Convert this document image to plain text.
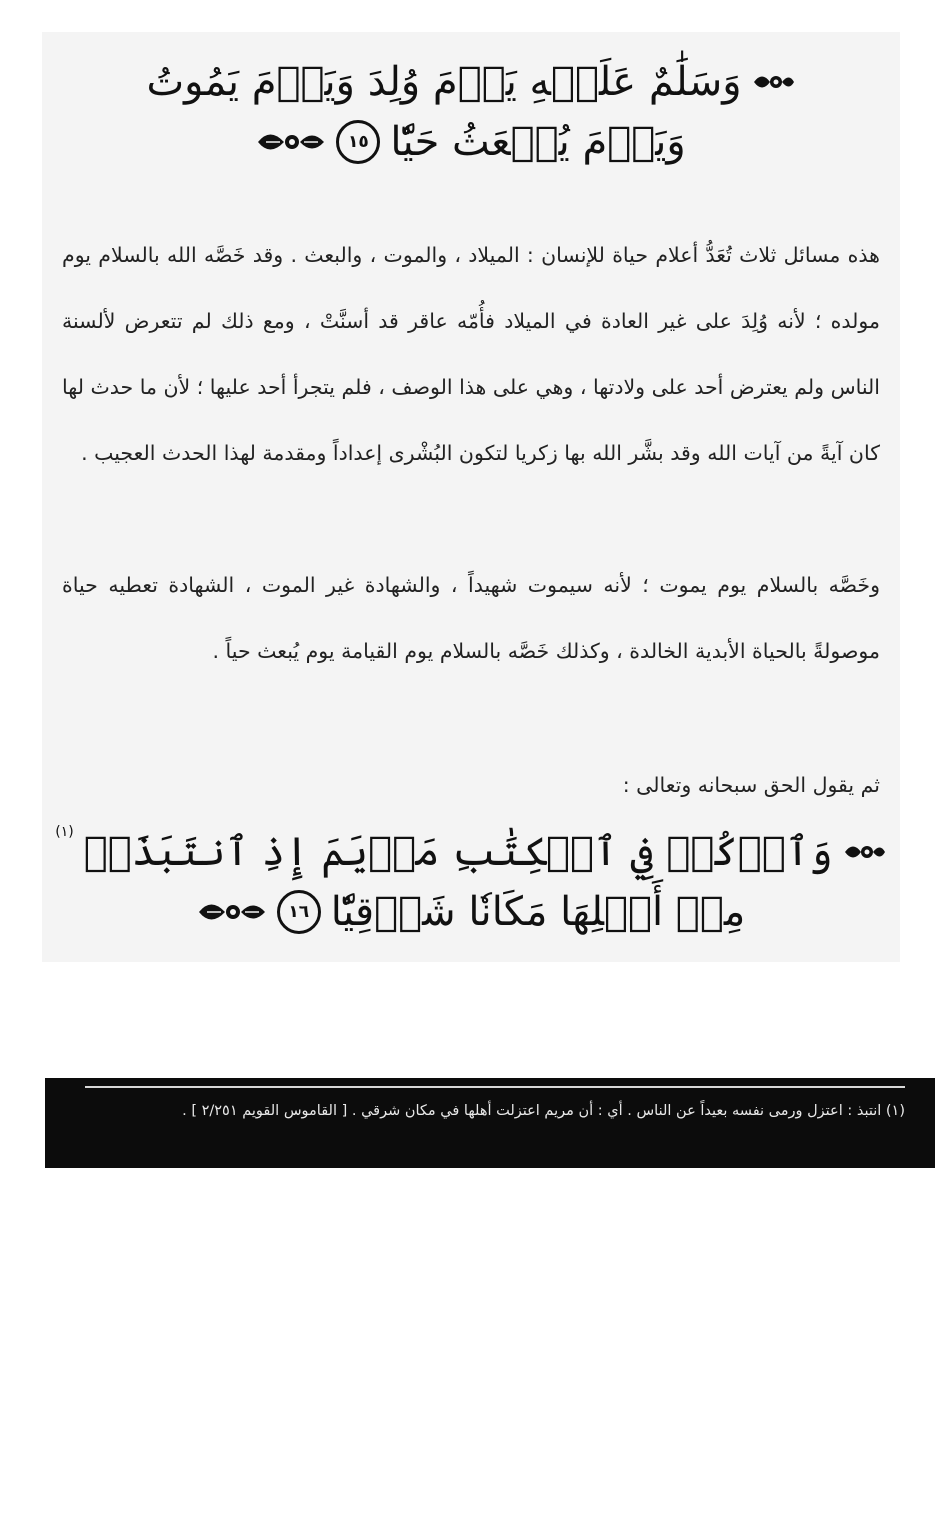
وَسَلَٰمٌ عَلَيۡهِ يَوۡمَ وُلِدَ وَيَوۡمَ يَمُوتُ
وَيَوۡمَ يُبۡعَثُ حَيّٗا
١٥

هذه مسائل ثلاث تُعَدُّ أعلام حياة للإنسان : الميلاد ، والموت ، والبعث . وقد خَصَّه الله بالسلام يوم مولده ؛ لأنه وُلِدَ على غير العادة في الميلاد فأُمّه عاقر قد أسنَّتْ ، ومع ذلك لم تتعرض لألسنة الناس ولم يعترض أحد على ولادتها ، وهي على هذا الوصف ، فلم يتجرأ أحد عليها ؛ لأن ما حدث لها كان آيةً من آيات الله وقد بشَّر الله بها زكريا لتكون البُشْرى إعداداً ومقدمة لهذا الحدث العجيب .

وخَصَّه بالسلام يوم يموت ؛ لأنه سيموت شهيداً ، والشهادة غير الموت ، الشهادة تعطيه حياة موصولةً بالحياة الأبدية الخالدة ، وكذلك خَصَّه بالسلام يوم القيامة يوم يُبعث حياً .

ثم يقول الحق سبحانه وتعالى :

وَٱذۡكُرۡ فِي ٱلۡكِتَٰبِ مَرۡيَمَ إِذِ ٱنتَبَذَتۡ
(١)
مِنۡ أَهۡلِهَا مَكَانٗا شَرۡقِيّٗا
١٦
(١) انتبذ : اعتزل ورمى نفسه بعيداً عن الناس . أي : أن مريم اعتزلت أهلها في مكان شرقي . [ القاموس القويم ٢/٢٥١ ] .
